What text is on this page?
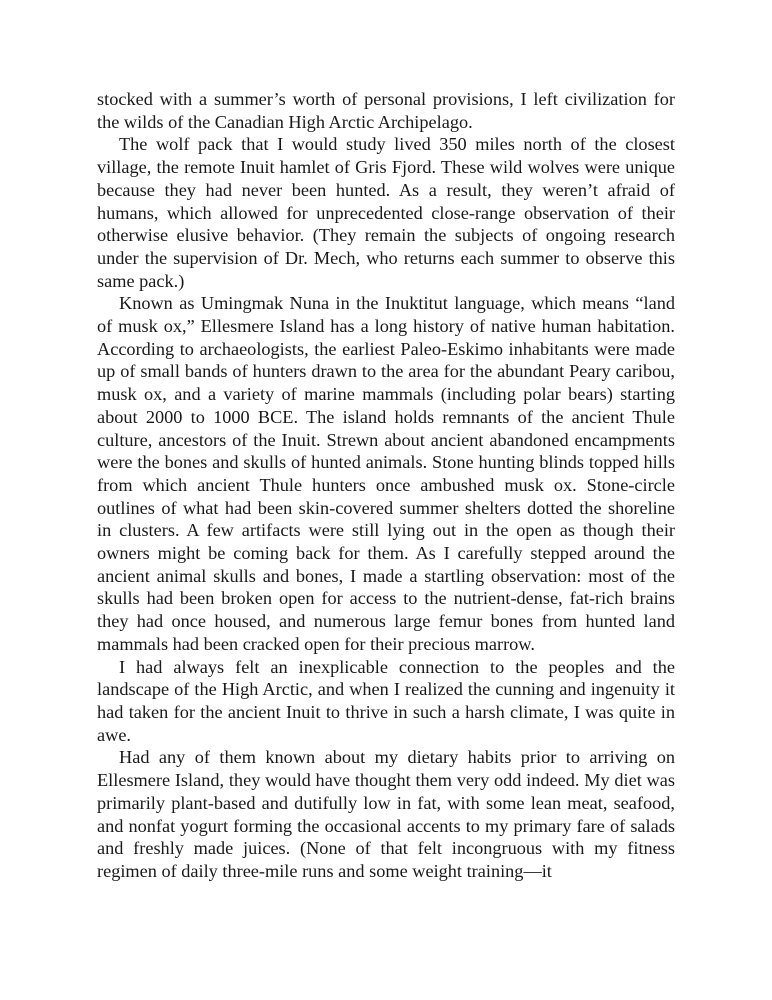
stocked with a summer’s worth of personal provisions, I left civilization for the wilds of the Canadian High Arctic Archipelago.

The wolf pack that I would study lived 350 miles north of the closest village, the remote Inuit hamlet of Gris Fjord. These wild wolves were unique because they had never been hunted. As a result, they weren’t afraid of humans, which allowed for unprecedented close-range observation of their otherwise elusive behavior. (They remain the subjects of ongoing research under the supervision of Dr. Mech, who returns each summer to observe this same pack.)

Known as Umingmak Nuna in the Inuktitut language, which means “land of musk ox,” Ellesmere Island has a long history of native human habitation. According to archaeologists, the earliest Paleo-Eskimo inhabitants were made up of small bands of hunters drawn to the area for the abundant Peary caribou, musk ox, and a variety of marine mammals (including polar bears) starting about 2000 to 1000 BCE. The island holds remnants of the ancient Thule culture, ancestors of the Inuit. Strewn about ancient abandoned encampments were the bones and skulls of hunted animals. Stone hunting blinds topped hills from which ancient Thule hunters once ambushed musk ox. Stone-circle outlines of what had been skin-covered summer shelters dotted the shoreline in clusters. A few artifacts were still lying out in the open as though their owners might be coming back for them. As I carefully stepped around the ancient animal skulls and bones, I made a startling observation: most of the skulls had been broken open for access to the nutrient-dense, fat-rich brains they had once housed, and numerous large femur bones from hunted land mammals had been cracked open for their precious marrow.

I had always felt an inexplicable connection to the peoples and the landscape of the High Arctic, and when I realized the cunning and ingenuity it had taken for the ancient Inuit to thrive in such a harsh climate, I was quite in awe.

Had any of them known about my dietary habits prior to arriving on Ellesmere Island, they would have thought them very odd indeed. My diet was primarily plant-based and dutifully low in fat, with some lean meat, seafood, and nonfat yogurt forming the occasional accents to my primary fare of salads and freshly made juices. (None of that felt incongruous with my fitness regimen of daily three-mile runs and some weight training—it
